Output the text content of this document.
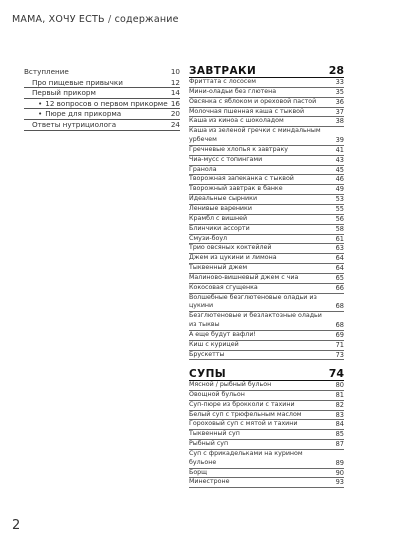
МАМА, ХОЧУ ЕСТЬ / содержание
Вступление	10
Про пищевые привычки	12
Первый прикорм	14
• 12 вопросов о первом прикорме 16
• Пюре для прикорма	20
Ответы нутрициолога	24
ЗАВТРАКИ	28
Фриттата с лососем	33
Мини-оладьи без глютена	35
Овсянка с яблоком и ореховой пастой	36
Молочная пшенная каша с тыквой	37
Каша из киноа с шоколадом	38
Каша из зеленой гречки с миндальным урбечем	39
Гречневые хлопья к завтраку	41
Чиа-мусс с топингами	43
Гранола	45
Творожная запеканка с тыквой	46
Творожный завтрак в банке	49
Идеальные сырники	53
Ленивые вареники	55
Крамбл с вишней	56
Блинчики ассорти	58
Смузи-боул	61
Трио овсяных коктейлей	63
Джем из цукини и лимона	64
Тыквенный джем	64
Малиново-вишневый джем с чиа	65
Кокосовая сгущенка	66
Волшебные безглютеновые оладьи из цукини	68
Безглютеновые и безлактозные оладьи из тыквы	68
А еще будут вафли!	69
Киш с курицей	71
Брускетты	73
СУПЫ	74
Мясной / рыбный бульон	80
Овощной бульон	81
Суп-пюре из брокколи с тахини	82
Белый суп с трюфельным маслом	83
Гороховый суп с мятой и тахини	84
Тыквенный суп	85
Рыбный суп	87
Суп с фрикадельками на курином бульоне	89
Борщ	90
Минестроне	93
2
